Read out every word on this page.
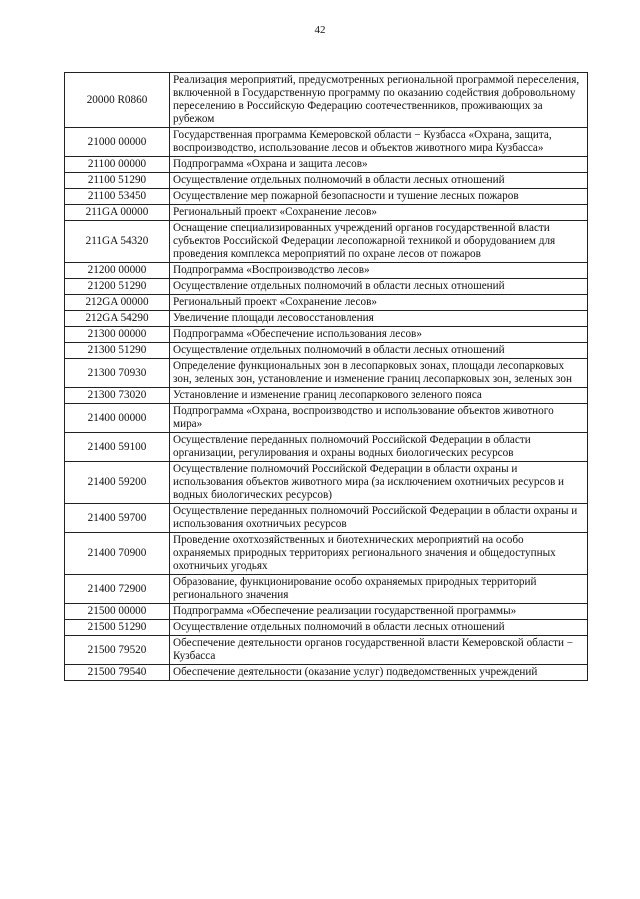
42
20000 R0860	Реализация мероприятий, предусмотренных региональной программой переселения, включенной в Государственную программу по оказанию содействия добровольному переселению в Российскую Федерацию соотечественников, проживающих за рубежом
21000 00000	Государственная программа Кемеровской области − Кузбасса «Охрана, защита, воспроизводство, использование лесов и объектов животного мира Кузбасса»
21100 00000	Подпрограмма «Охрана и защита лесов»
21100 51290	Осуществление отдельных полномочий в области лесных отношений
21100 53450	Осуществление мер пожарной безопасности и тушение лесных пожаров
211GA 00000	Региональный проект «Сохранение лесов»
211GA 54320	Оснащение специализированных учреждений органов государственной власти субъектов Российской Федерации лесопожарной техникой и оборудованием для проведения комплекса мероприятий по охране лесов от пожаров
21200 00000	Подпрограмма «Воспроизводство лесов»
21200 51290	Осуществление отдельных полномочий в области лесных отношений
212GA 00000	Региональный проект «Сохранение лесов»
212GA 54290	Увеличение площади лесовосстановления
21300 00000	Подпрограмма «Обеспечение использования лесов»
21300 51290	Осуществление отдельных полномочий в области лесных отношений
21300 70930	Определение функциональных зон в лесопарковых зонах, площади лесопарковых зон, зеленых зон, установление и изменение границ лесопарковых зон, зеленых зон
21300 73020	Установление и изменение границ лесопаркового зеленого пояса
21400 00000	Подпрограмма «Охрана, воспроизводство и использование объектов животного мира»
21400 59100	Осуществление переданных полномочий Российской Федерации в области организации, регулирования и охраны водных биологических ресурсов
21400 59200	Осуществление полномочий Российской Федерации в области охраны и использования объектов животного мира (за исключением охотничьих ресурсов и водных биологических ресурсов)
21400 59700	Осуществление переданных полномочий Российской Федерации в области охраны и использования охотничьих ресурсов
21400 70900	Проведение охотхозяйственных и биотехнических мероприятий на особо охраняемых природных территориях регионального значения и общедоступных охотничьих угодьях
21400 72900	Образование, функционирование особо охраняемых природных территорий регионального значения
21500 00000	Подпрограмма «Обеспечение реализации государственной программы»
21500 51290	Осуществление отдельных полномочий в области лесных отношений
21500 79520	Обеспечение деятельности органов государственной власти Кемеровской области − Кузбасса
21500 79540	Обеспечение деятельности (оказание услуг) подведомственных учреждений
